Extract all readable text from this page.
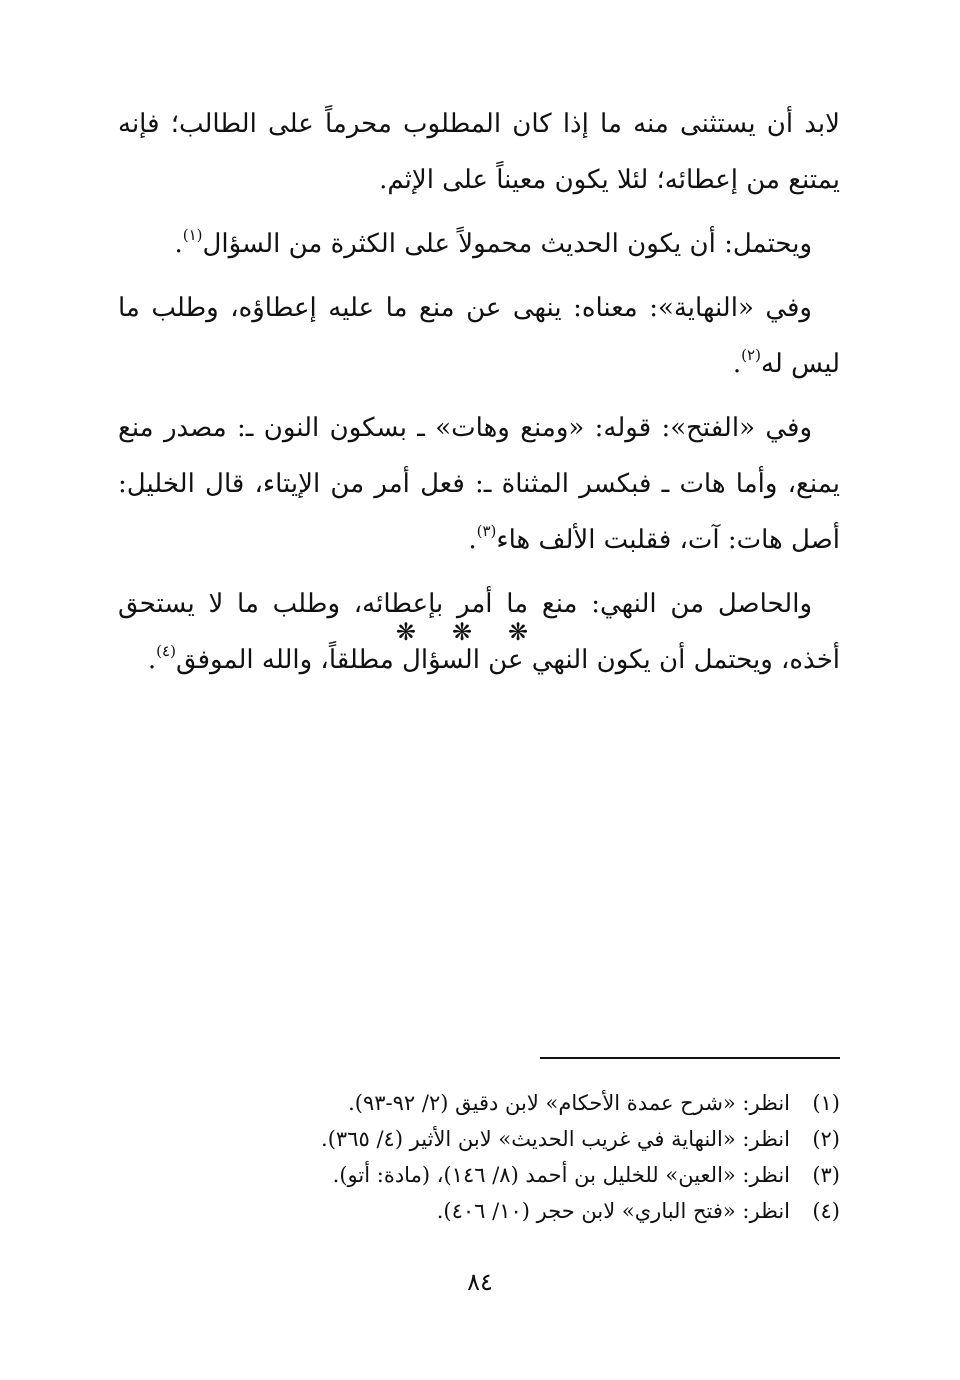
لابد أن يستثنى منه ما إذا كان المطلوب محرماً على الطالب؛ فإنه يمتنع من إعطائه؛ لئلا يكون معيناً على الإثم.

ويحتمل: أن يكون الحديث محمولاً على الكثرة من السؤال$^{(١)}$.

وفي «النهاية»: معناه: ينهى عن منع ما عليه إعطاؤه، وطلب ما ليس له$^{(٢)}$.

وفي «الفتح»: قوله: «ومنع وهات» ـ بسكون النون ـ: مصدر منع يمنع، وأما هات ـ فبكسر المثناة ـ: فعل أمر من الإيتاء، قال الخليل: أصل هات: آت، فقلبت الألف هاء$^{(٣)}$.

والحاصل من النهي: منع ما أمر بإعطائه، وطلب ما لا يستحق أخذه، ويحتمل أن يكون النهي عن السؤال مطلقاً، والله الموفق$^{(٤)}$.

❋❋❋
(١)انظر: «شرح عمدة الأحكام» لابن دقيق (٢/ ٩٢-٩٣).
(٢)انظر: «النهاية في غريب الحديث» لابن الأثير (٤/ ٣٦٥).
(٣)انظر: «العين» للخليل بن أحمد (٨/ ١٤٦)، (مادة: أتو).
(٤)انظر: «فتح الباري» لابن حجر (١٠/ ٤٠٦).
٨٤
